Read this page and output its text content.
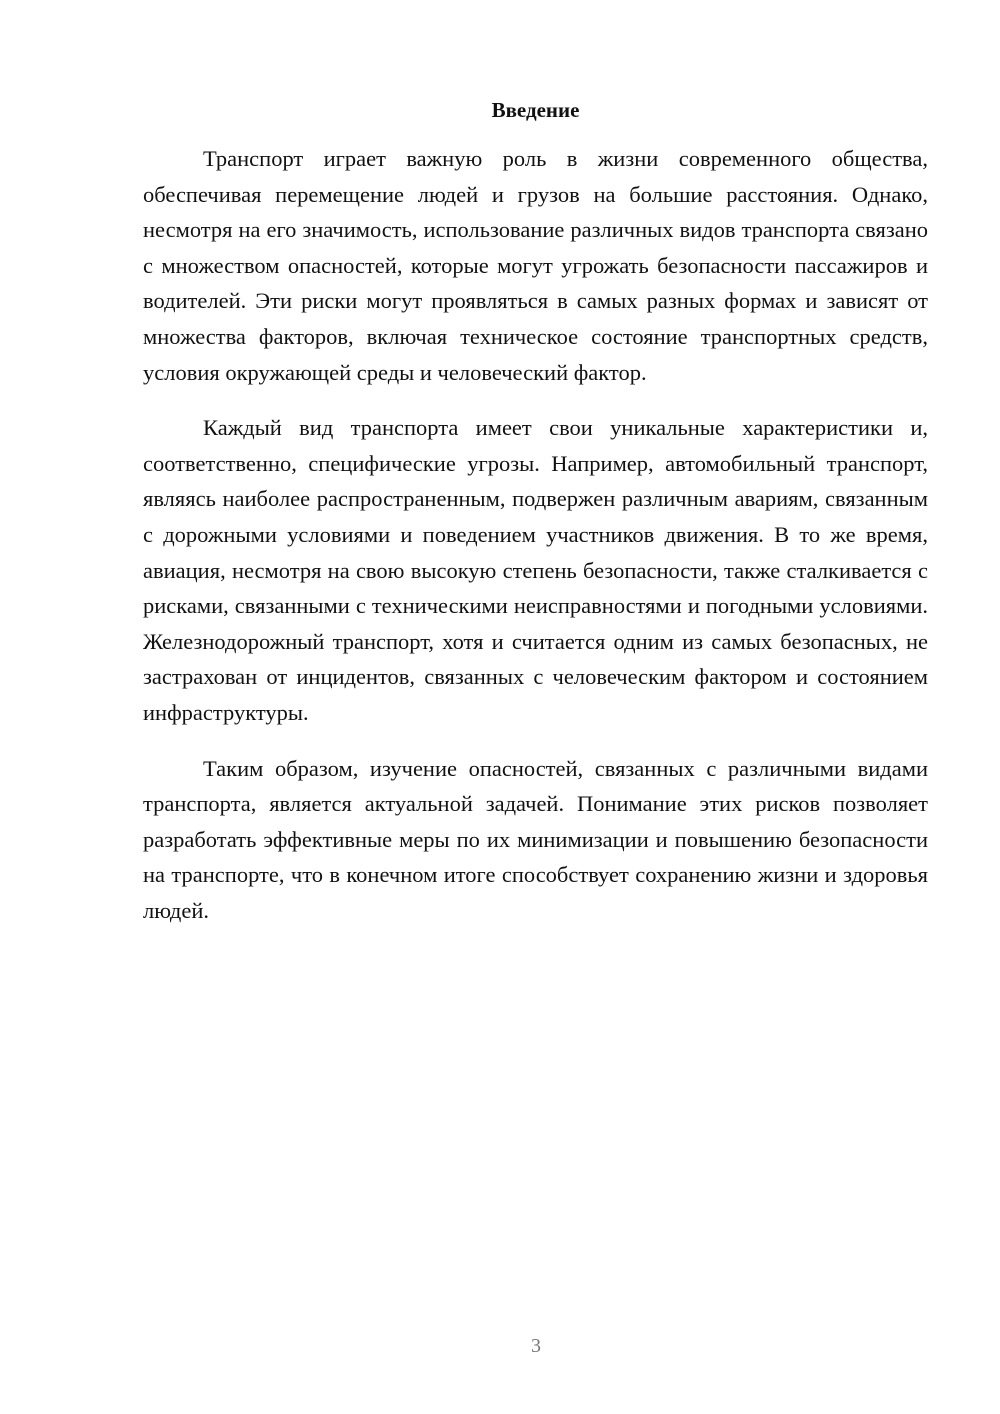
Введение

Транспорт играет важную роль в жизни современного общества, обеспечивая перемещение людей и грузов на большие расстояния. Однако, несмотря на его значимость, использование различных видов транспорта связано с множеством опасностей, которые могут угрожать безопасности пассажиров и водителей. Эти риски могут проявляться в самых разных формах и зависят от множества факторов, включая техническое состояние транспортных средств, условия окружающей среды и человеческий фактор.

Каждый вид транспорта имеет свои уникальные характеристики и, соответственно, специфические угрозы. Например, автомобильный транспорт, являясь наиболее распространенным, подвержен различным авариям, связанным с дорожными условиями и поведением участников движения. В то же время, авиация, несмотря на свою высокую степень безопасности, также сталкивается с рисками, связанными с техническими неисправностями и погодными условиями. Железнодорожный транспорт, хотя и считается одним из самых безопасных, не застрахован от инцидентов, связанных с человеческим фактором и состоянием инфраструктуры.

Таким образом, изучение опасностей, связанных с различными видами транспорта, является актуальной задачей. Понимание этих рисков позволяет разработать эффективные меры по их минимизации и повышению безопасности на транспорте, что в конечном итоге способствует сохранению жизни и здоровья людей.

3
